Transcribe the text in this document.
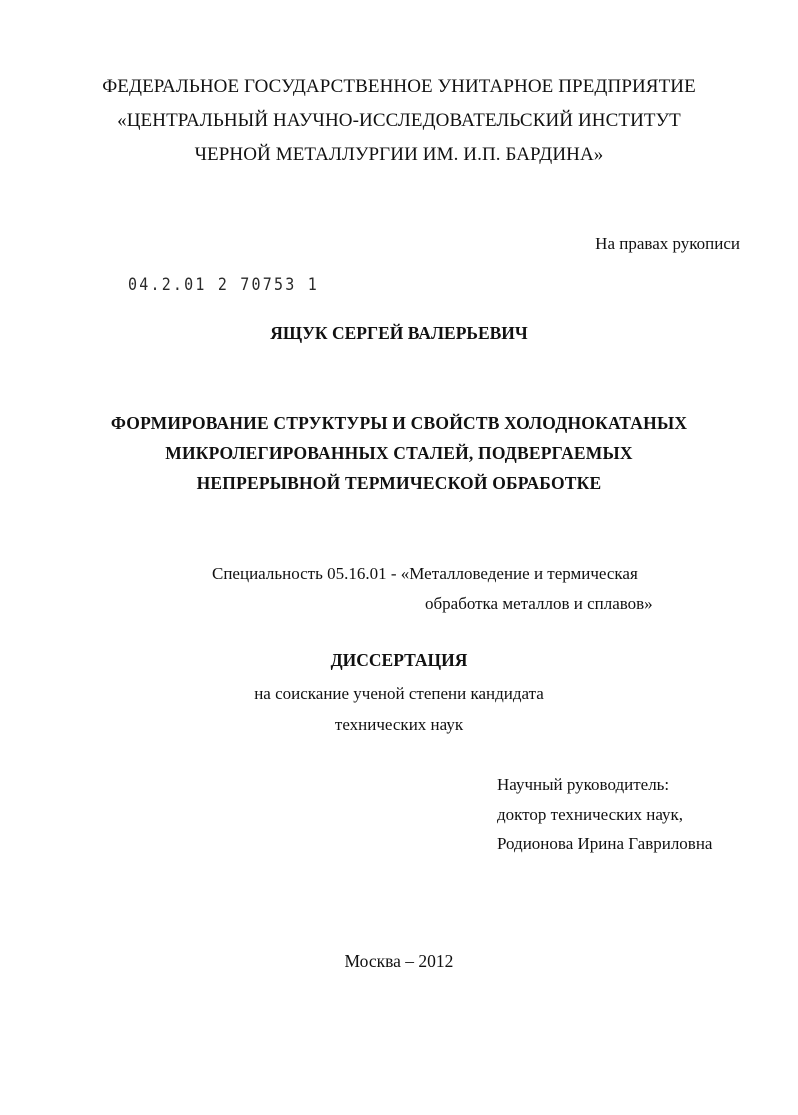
ФЕДЕРАЛЬНОЕ ГОСУДАРСТВЕННОЕ УНИТАРНОЕ ПРЕДПРИЯТИЕ
«ЦЕНТРАЛЬНЫЙ НАУЧНО-ИССЛЕДОВАТЕЛЬСКИЙ ИНСТИТУТ
ЧЕРНОЙ МЕТАЛЛУРГИИ ИМ. И.П. БАРДИНА»
На правах рукописи
04.2.01 2 70753 1
ЯЩУК СЕРГЕЙ ВАЛЕРЬЕВИЧ
ФОРМИРОВАНИЕ СТРУКТУРЫ И СВОЙСТВ ХОЛОДНОКАТАНЫХ
МИКРОЛЕГИРОВАННЫХ СТАЛЕЙ, ПОДВЕРГАЕМЫХ
НЕПРЕРЫВНОЙ ТЕРМИЧЕСКОЙ ОБРАБОТКЕ
Специальность 05.16.01 - «Металловедение и термическая
обработка металлов и сплавов»
ДИССЕРТАЦИЯ
на соискание ученой степени кандидата
технических наук
Научный руководитель:
доктор технических наук,
Родионова Ирина Гавриловна
Москва – 2012
